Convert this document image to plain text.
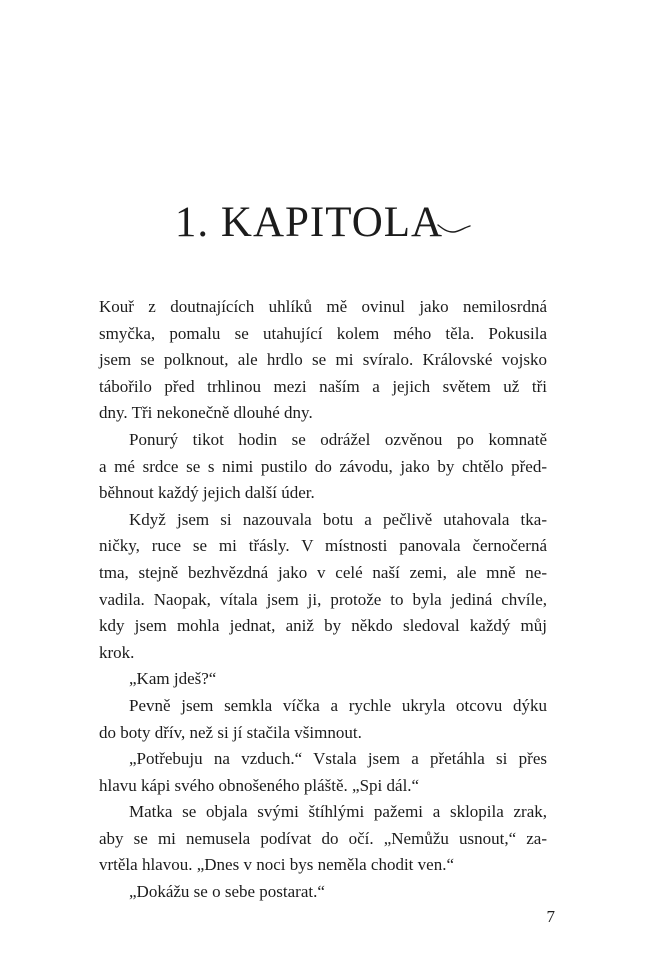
1. KAPITOLA

Kouř z doutnajících uhlíků mě ovinul jako nemilosrdná
smyčka, pomalu se utahující kolem mého těla. Pokusila
jsem se polknout, ale hrdlo se mi svíralo. Královské vojsko
tábořilo před trhlinou mezi naším a jejich světem už tři
dny. Tři nekonečně dlouhé dny.

Ponurý tikot hodin se odrážel ozvěnou po komnatě
a mé srdce se s nimi pustilo do závodu, jako by chtělo před-
běhnout každý jejich další úder.

Když jsem si nazouvala botu a pečlivě utahovala tka-
ničky, ruce se mi třásly. V místnosti panovala černočerná
tma, stejně bezhvězdná jako v celé naší zemi, ale mně ne-
vadila. Naopak, vítala jsem ji, protože to byla jediná chvíle,
kdy jsem mohla jednat, aniž by někdo sledoval každý můj
krok.

„Kam jdeš?“

Pevně jsem semkla víčka a rychle ukryla otcovu dýku
do boty dřív, než si jí stačila všimnout.

„Potřebuju na vzduch.“ Vstala jsem a přetáhla si přes
hlavu kápi svého obnošeného pláště. „Spi dál.“

Matka se objala svými štíhlými pažemi a sklopila zrak,
aby se mi nemusela podívat do očí. „Nemůžu usnout,“ za-
vrtěla hlavou. „Dnes v noci bys neměla chodit ven.“

„Dokážu se o sebe postarat.“

7
